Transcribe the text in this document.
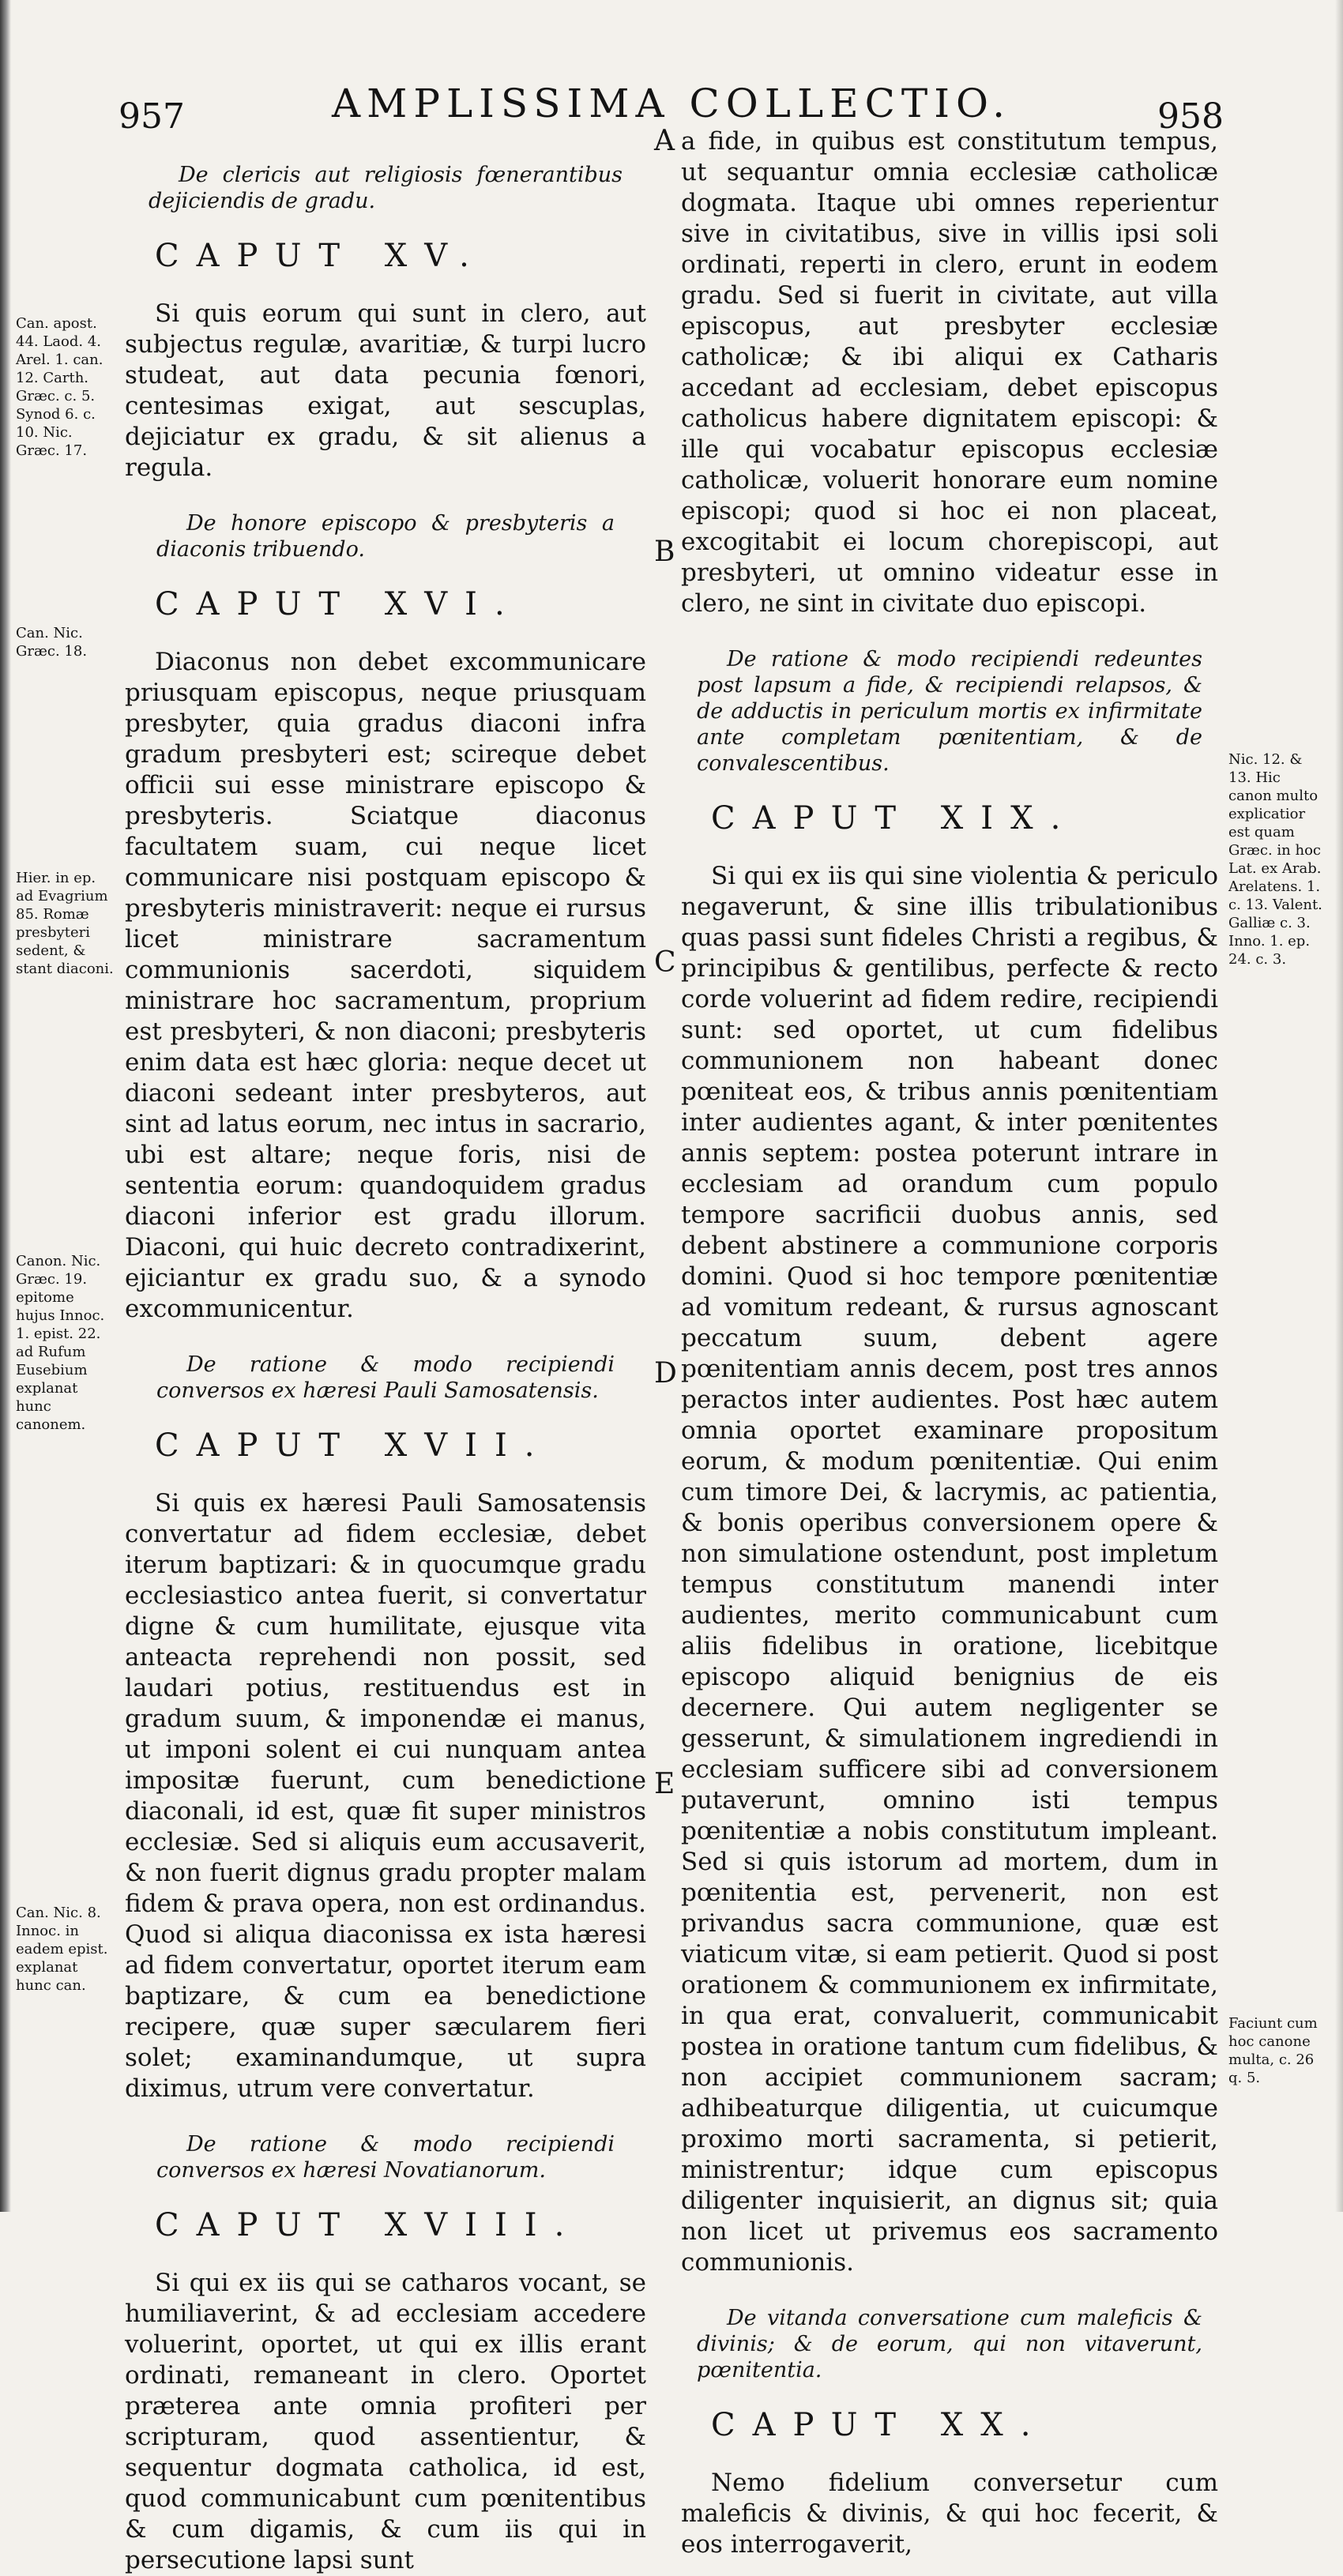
957	AMPLISSIMA COLLECTIO.	958

De clericis aut religiosis fœnerantibus dejiciendis de gradu.

CAPUT XV.

Si quis eorum qui sunt in clero, aut subjectus regulæ, avaritiæ, & turpi lucro studeat, aut data pecunia fœnori, centesimas exigat, aut sescuplas, dejiciatur ex gradu, & sit alienus a regula.

De honore episcopo & presbyteris a diaconis tribuendo.

CAPUT XVI.

Diaconus non debet excommunicare priusquam episcopus, neque priusquam presbyter, quia gradus diaconi infra gradum presbyteri est; scireque debet officii sui esse ministrare episcopo & presbyteris. Sciatque diaconus facultatem suam, cui neque licet communicare nisi postquam episcopo & presbyteris ministraverit: neque ei rursus licet ministrare sacramentum communionis sacerdoti, siquidem ministrare hoc sacramentum, proprium est presbyteri, & non diaconi; presbyteris enim data est hæc gloria: neque decet ut diaconi sedeant inter presbyteros, aut sint ad latus eorum, nec intus in sacrario, ubi est altare; neque foris, nisi de sententia eorum: quandoquidem gradus diaconi inferior est gradu illorum. Diaconi, qui huic decreto contradixerint, ejiciantur ex gradu suo, & a synodo excommunicentur.

De ratione & modo recipiendi conversos ex hæresi Pauli Samosatensis.

CAPUT XVII.

Si quis ex hæresi Pauli Samosatensis convertatur ad fidem ecclesiæ, debet iterum baptizari: & in quocumque gradu ecclesiastico antea fuerit, si convertatur digne & cum humilitate, ejusque vita anteacta reprehendi non possit, sed laudari potius, restituendus est in gradum suum, & imponendæ ei manus, ut imponi solent ei cui nunquam antea impositæ fuerunt, cum benedictione diaconali, id est, quæ fit super ministros ecclesiæ. Sed si aliquis eum accusaverit, & non fuerit dignus gradu propter malam fidem & prava opera, non est ordinandus. Quod si aliqua diaconissa ex ista hæresi ad fidem convertatur, oportet iterum eam baptizare, & cum ea benedictione recipere, quæ super sæcularem fieri solet; examinandumque, ut supra diximus, utrum vere convertatur.

De ratione & modo recipiendi conversos ex hæresi Novatianorum.

CAPUT XVIII.

Si qui ex iis qui se catharos vocant, se humiliaverint, & ad ecclesiam accedere voluerint, oportet, ut qui ex illis erant ordinati, remaneant in clero. Oportet præterea ante omnia profiteri per scripturam, quod assentientur, & sequentur dogmata catholica, id est, quod communicabunt cum pœnitentibus & cum digamis, & cum iis qui in persecutione lapsi sunt

a fide, in quibus est constitutum tempus, ut sequantur omnia ecclesiæ catholicæ dogmata. Itaque ubi omnes reperientur sive in civitatibus, sive in villis ipsi soli ordinati, reperti in clero, erunt in eodem gradu. Sed si fuerit in civitate, aut villa episcopus, aut presbyter ecclesiæ catholicæ; & ibi aliqui ex Catharis accedant ad ecclesiam, debet episcopus catholicus habere dignitatem episcopi: & ille qui vocabatur episcopus ecclesiæ catholicæ, voluerit honorare eum nomine episcopi; quod si hoc ei non placeat, excogitabit ei locum chorepiscopi, aut presbyteri, ut omnino videatur esse in clero, ne sint in civitate duo episcopi.

De ratione & modo recipiendi redeuntes post lapsum a fide, & recipiendi relapsos, & de adductis in periculum mortis ex infirmitate ante completam pœnitentiam, & de convalescentibus.

CAPUT XIX.

Si qui ex iis qui sine violentia & periculo negaverunt, & sine illis tribulationibus quas passi sunt fideles Christi a regibus, & principibus & gentilibus, perfecte & recto corde voluerint ad fidem redire, recipiendi sunt: sed oportet, ut cum fidelibus communionem non habeant donec pœniteat eos, & tribus annis pœnitentiam inter audientes agant, & inter pœnitentes annis septem: postea poterunt intrare in ecclesiam ad orandum cum populo tempore sacrificii duobus annis, sed debent abstinere a communione corporis domini. Quod si hoc tempore pœnitentiæ ad vomitum redeant, & rursus agnoscant peccatum suum, debent agere pœnitentiam annis decem, post tres annos peractos inter audientes. Post hæc autem omnia oportet examinare propositum eorum, & modum pœnitentiæ. Qui enim cum timore Dei, & lacrymis, ac patientia, & bonis operibus conversionem opere & non simulatione ostendunt, post impletum tempus constitutum manendi inter audientes, merito communicabunt cum aliis fidelibus in oratione, licebitque episcopo aliquid benignius de eis decernere. Qui autem negligenter se gesserunt, & simulationem ingrediendi in ecclesiam sufficere sibi ad conversionem putaverunt, omnino isti tempus pœnitentiæ a nobis constitutum impleant. Sed si quis istorum ad mortem, dum in pœnitentia est, pervenerit, non est privandus sacra communione, quæ est viaticum vitæ, si eam petierit. Quod si post orationem & communionem ex infirmitate, in qua erat, convaluerit, communicabit postea in oratione tantum cum fidelibus, & non accipiet communionem sacram; adhibeaturque diligentia, ut cuicumque proximo morti sacramenta, si petierit, ministrentur; idque cum episcopus diligenter inquisierit, an dignus sit; quia non licet ut privemus eos sacramento communionis.

De vitanda conversatione cum maleficis & divinis; & de eorum, qui non vitaverunt, pœnitentia.

CAPUT XX.

Nemo fidelium conversetur cum maleficis & divinis, & qui hoc fecerit, & eos interrogaverit,

A
B
C
D
E
Can. apost. 44. Laod. 4. Arel. 1. can. 12. Carth. Græc. c. 5. Synod 6. c. 10. Nic. Græc. 17.
Can. Nic. Græc. 18.
Hier. in ep. ad Evagrium 85. Romæ presbyteri sedent, & stant diaconi.
Canon. Nic. Græc. 19. epitome hujus Innoc. 1. epist. 22. ad Rufum Eusebium explanat hunc canonem.
Can. Nic. 8. Innoc. in eadem epist. explanat hunc can.
Nic. 12. & 13. Hic canon multo explicatior est quam Græc. in hoc Lat. ex Arab. Arelatens. 1. c. 13. Valent. Galliæ c. 3. Inno. 1. ep. 24. c. 3.
Faciunt cum hoc canone multa, c. 26 q. 5.
